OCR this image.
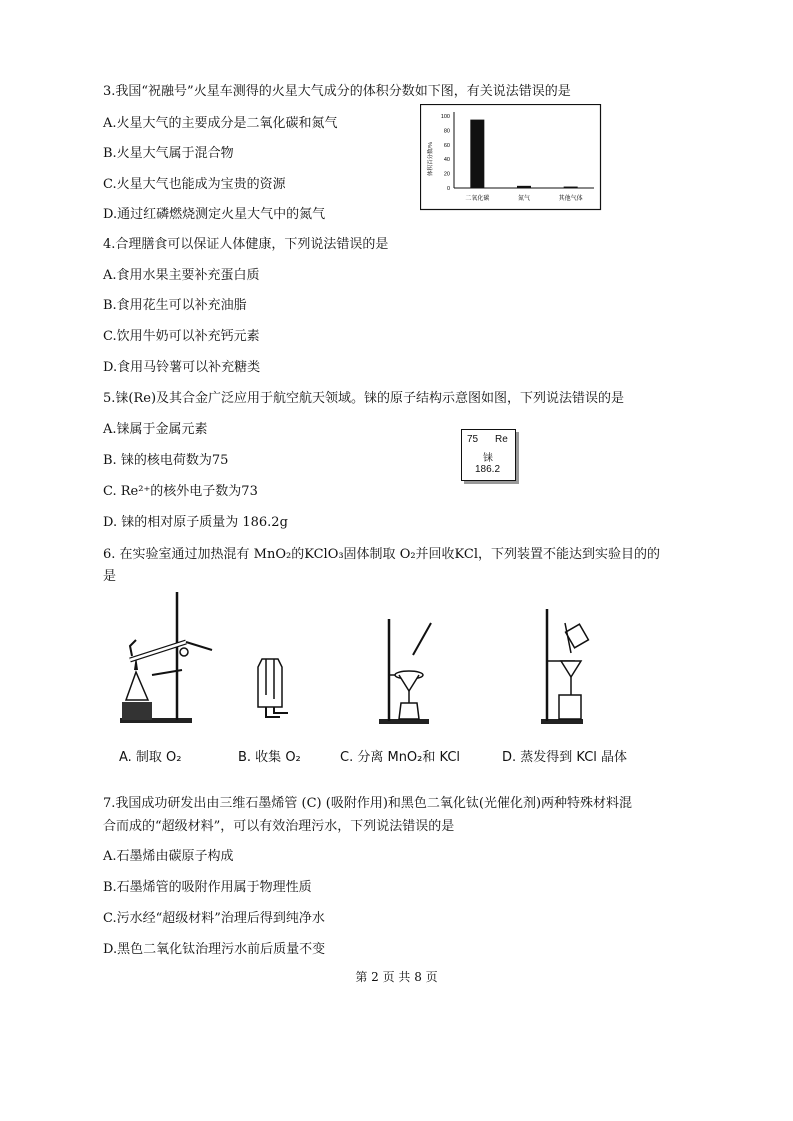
3.我国“祝融号”火星车测得的火星大气成分的体积分数如下图，有关说法错误的是
A.火星大气的主要成分是二氧化碳和氮气
B.火星大气属于混合物
C.火星大气也能成为宝贵的资源
D.通过红磷燃烧测定火星大气中的氮气
体积百分数/%
0
20
40
60
80
100
二氧化碳	氮气	其他气体
4.合理膳食可以保证人体健康，下列说法错误的是
A.食用水果主要补充蛋白质
B.食用花生可以补充油脂
C.饮用牛奶可以补充钙元素
D.食用马铃薯可以补充糖类
5.铼(Re)及其合金广泛应用于航空航天领域。铼的原子结构示意图如图，下列说法错误的是
A.铼属于金属元素
B. 铼的核电荷数为75
C. Re²⁺的核外电子数为73
D. 铼的相对原子质量为 186.2g
75 Re
铼
186.2
6. 在实验室通过加热混有 MnO₂的KClO₃固体制取 O₂并回收KCl，下列装置不能达到实验目的的
是
A. 制取 O₂	B. 收集 O₂	C. 分离 MnO₂和 KCl	D. 蒸发得到 KCl 晶体
7.我国成功研发出由三维石墨烯管 (C) (吸附作用)和黑色二氧化钛(光催化剂)两种特殊材料混
合而成的“超级材料”，可以有效治理污水，下列说法错误的是
A.石墨烯由碳原子构成
B.石墨烯管的吸附作用属于物理性质
C.污水经“超级材料”治理后得到纯净水
D.黑色二氧化钛治理污水前后质量不变
第 2 页 共 8 页
